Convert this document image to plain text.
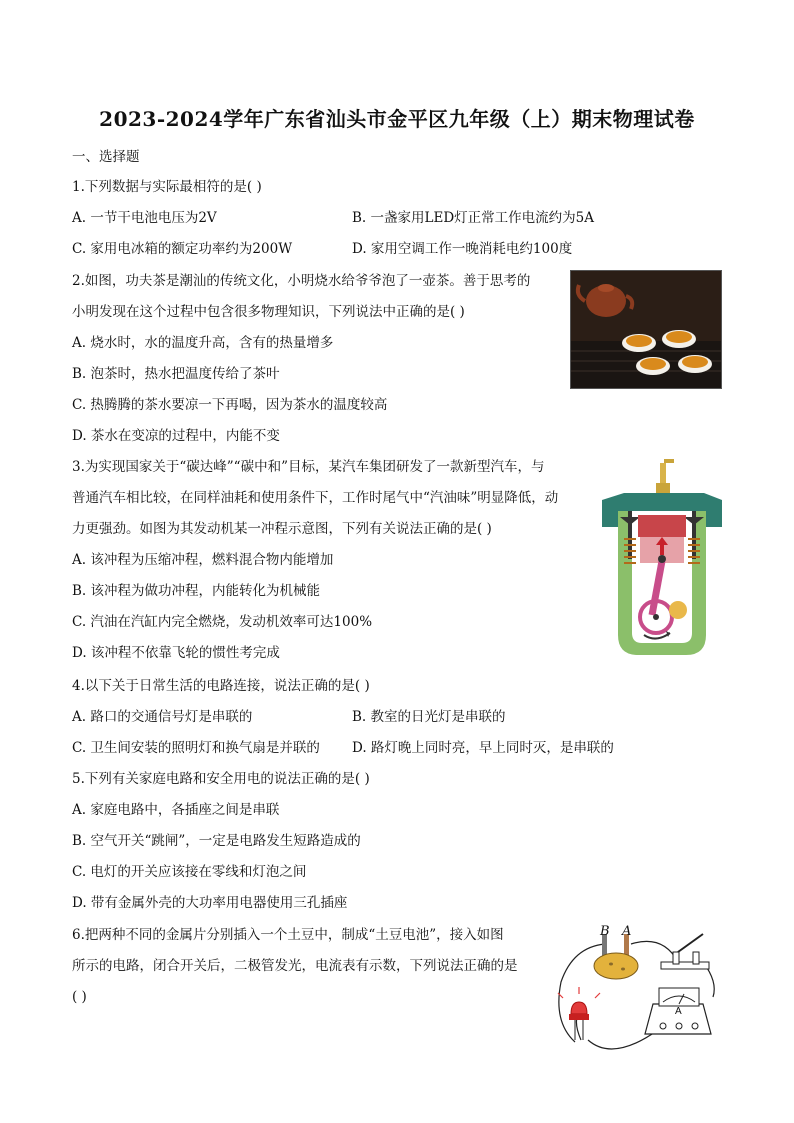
2023-2024学年广东省汕头市金平区九年级（上）期末物理试卷
一、选择题
1.下列数据与实际最相符的是( )
A. 一节干电池电压为2V	B. 一盏家用LED灯正常工作电流约为5A
C. 家用电冰箱的额定功率约为200W	D. 家用空调工作一晚消耗电约100度
2.如图，功夫茶是潮汕的传统文化，小明烧水给爷爷泡了一壶茶。善于思考的
小明发现在这个过程中包含很多物理知识，下列说法中正确的是( )
A. 烧水时，水的温度升高，含有的热量增多
B. 泡茶时，热水把温度传给了茶叶
C. 热腾腾的茶水要凉一下再喝，因为茶水的温度较高
D. 茶水在变凉的过程中，内能不变
3.为实现国家关于“碳达峰”“碳中和”目标，某汽车集团研发了一款新型汽车，与
普通汽车相比较，在同样油耗和使用条件下，工作时尾气中“汽油味”明显降低，动
力更强劲。如图为其发动机某一冲程示意图，下列有关说法正确的是( )
A. 该冲程为压缩冲程，燃料混合物内能增加
B. 该冲程为做功冲程，内能转化为机械能
C. 汽油在汽缸内完全燃烧，发动机效率可达100%
D. 该冲程不依靠飞轮的惯性考完成
4.以下关于日常生活的电路连接，说法正确的是( )
A. 路口的交通信号灯是串联的	B. 教室的日光灯是串联的
C. 卫生间安装的照明灯和换气扇是并联的 D. 路灯晚上同时亮，早上同时灭，是串联的
5.下列有关家庭电路和安全用电的说法正确的是( )
A. 家庭电路中，各插座之间是串联
B. 空气开关“跳闸”，一定是电路发生短路造成的
C. 电灯的开关应该接在零线和灯泡之间
D. 带有金属外壳的大功率用电器使用三孔插座
6.把两种不同的金属片分别插入一个土豆中，制成“土豆电池”，接入如图
所示的电路，闭合开关后，二极管发光，电流表有示数，下列说法正确的是
( )
B A
A
